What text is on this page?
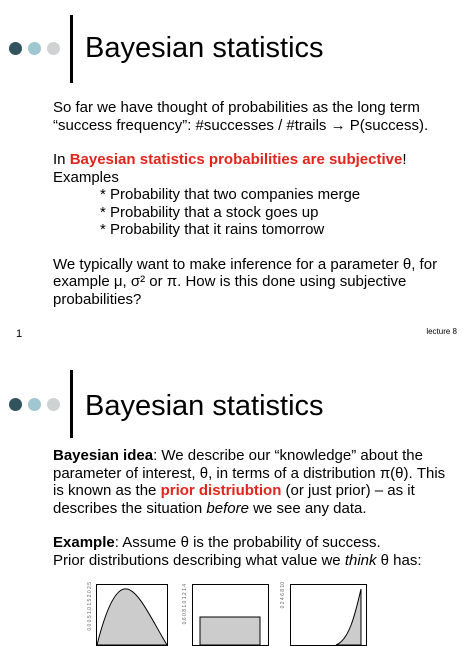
Bayesian statistics

So far we have thought of probabilities as the long term “success frequency”: #successes / #trails → P(success).

In Bayesian statistics probabilities are subjective!

Examples

* Probability that two companies merge
* Probability that a stock goes up
* Probability that it rains tomorrow

We typically want to make inference for a parameter θ, for example μ, σ² or π. How is this done using subjective probabilities?

1	lecture 8
Bayesian statistics

Bayesian idea: We describe our “knowledge” about the parameter of interest, θ, in terms of a distribution π(θ). This is known as the prior distriubtion (or just prior) – as it describes the situation before we see any data.

Example: Assume θ is the probability of success.

Prior distributions describing what value we think θ has:

0.0 0.5 1.0 1.5 2.0 2.5	0.6 0.8 1.0 1.2 1.4	0 2 4 6 8 10
